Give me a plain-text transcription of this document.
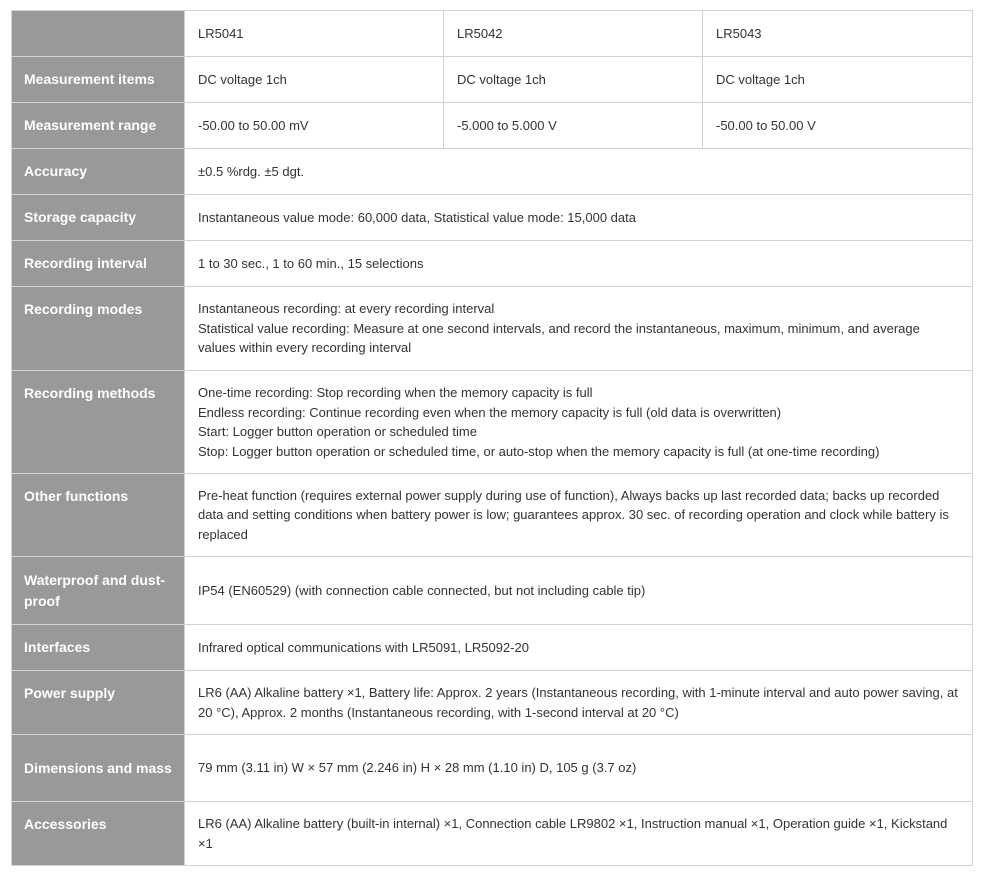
	LR5041	LR5042	LR5043
Measurement items	DC voltage 1ch	DC voltage 1ch	DC voltage 1ch
Measurement range	-50.00 to 50.00 mV	-5.000 to 5.000 V	-50.00 to 50.00 V
Accuracy	±0.5 %rdg. ±5 dgt.		
Storage capacity	Instantaneous value mode: 60,000 data, Statistical value mode: 15,000 data		
Recording interval	1 to 30 sec., 1 to 60 min., 15 selections		
Recording modes	Instantaneous recording: at every recording interval
Statistical value recording: Measure at one second intervals, and record the instantaneous, maximum, minimum, and average values within every recording interval		

Recording methods	One-time recording: Stop recording when the memory capacity is full
Endless recording: Continue recording even when the memory capacity is full (old data is overwritten)
Start: Logger button operation or scheduled time
Stop: Logger button operation or scheduled time, or auto-stop when the memory capacity is full (at one-time recording)		

Other functions	Pre-heat function (requires external power supply during use of function), Always backs up last recorded data; backs up recorded data and setting conditions when battery power is low; guarantees approx. 30 sec. of recording operation and clock while battery is replaced		
Waterproof and dust-proof	IP54 (EN60529) (with connection cable connected, but not including cable tip)		
Interfaces	Infrared optical communications with LR5091, LR5092-20		
Power supply	LR6 (AA) Alkaline battery ×1, Battery life: Approx. 2 years (Instantaneous recording, with 1-minute interval and auto power saving, at 20 °C), Approx. 2 months (Instantaneous recording, with 1-second interval at 20 °C)		
Dimensions and mass	79 mm (3.11 in) W × 57 mm (2.246 in) H × 28 mm (1.10 in) D, 105 g (3.7 oz)		
Accessories	LR6 (AA) Alkaline battery (built-in internal) ×1, Connection cable LR9802 ×1, Instruction manual ×1, Operation guide ×1, Kickstand ×1		
